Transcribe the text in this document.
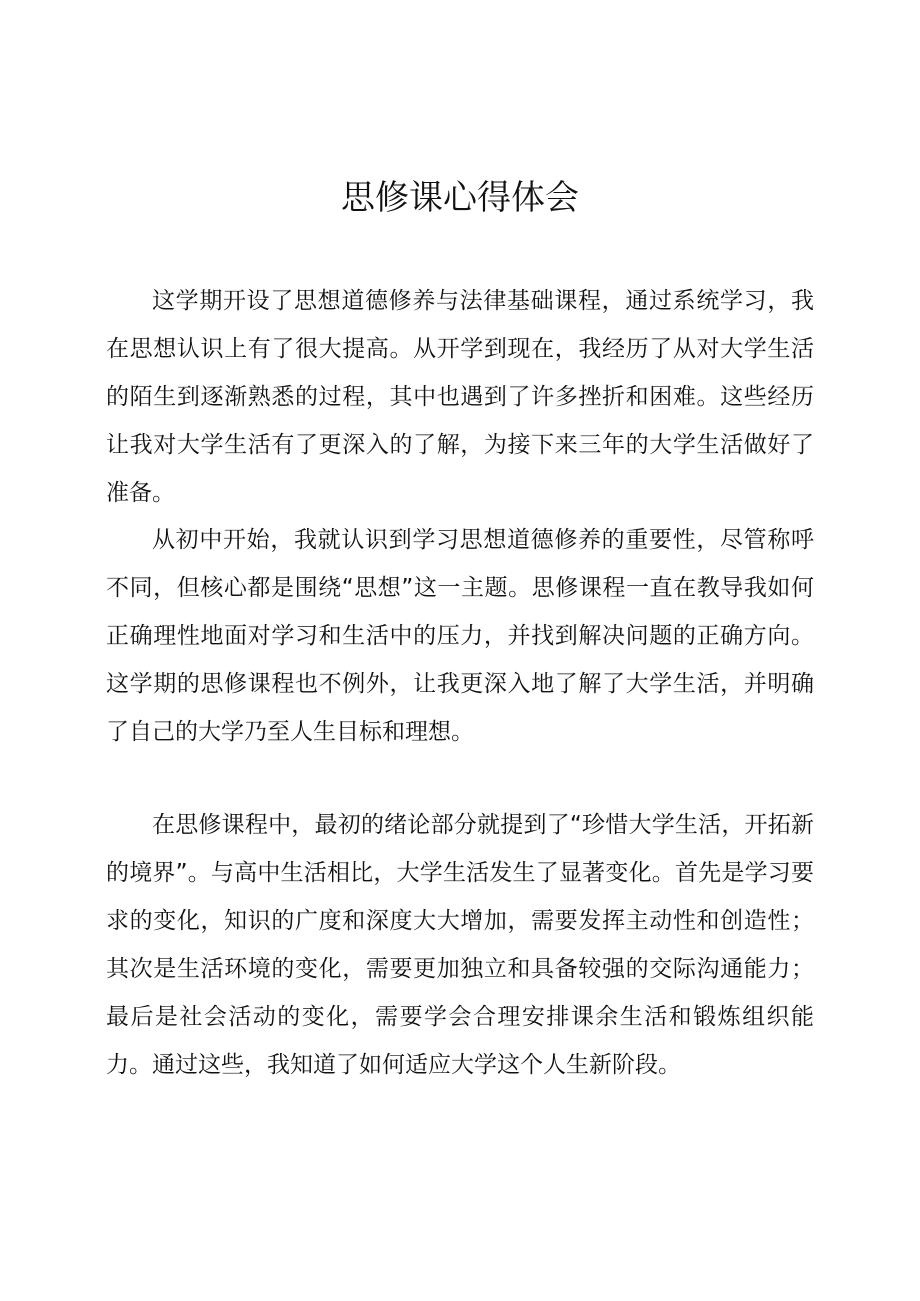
思修课心得体会

这学期开设了思想道德修养与法律基础课程，通过系统学习，我在思想认识上有了很大提高。从开学到现在，我经历了从对大学生活的陌生到逐渐熟悉的过程，其中也遇到了许多挫折和困难。这些经历让我对大学生活有了更深入的了解，为接下来三年的大学生活做好了准备。

从初中开始，我就认识到学习思想道德修养的重要性，尽管称呼不同，但核心都是围绕“思想”这一主题。思修课程一直在教导我如何正确理性地面对学习和生活中的压力，并找到解决问题的正确方向。这学期的思修课程也不例外，让我更深入地了解了大学生活，并明确了自己的大学乃至人生目标和理想。

在思修课程中，最初的绪论部分就提到了“珍惜大学生活，开拓新的境界”。与高中生活相比，大学生活发生了显著变化。首先是学习要求的变化，知识的广度和深度大大增加，需要发挥主动性和创造性；其次是生活环境的变化，需要更加独立和具备较强的交际沟通能力；最后是社会活动的变化，需要学会合理安排课余生活和锻炼组织能力。通过这些，我知道了如何适应大学这个人生新阶段。
